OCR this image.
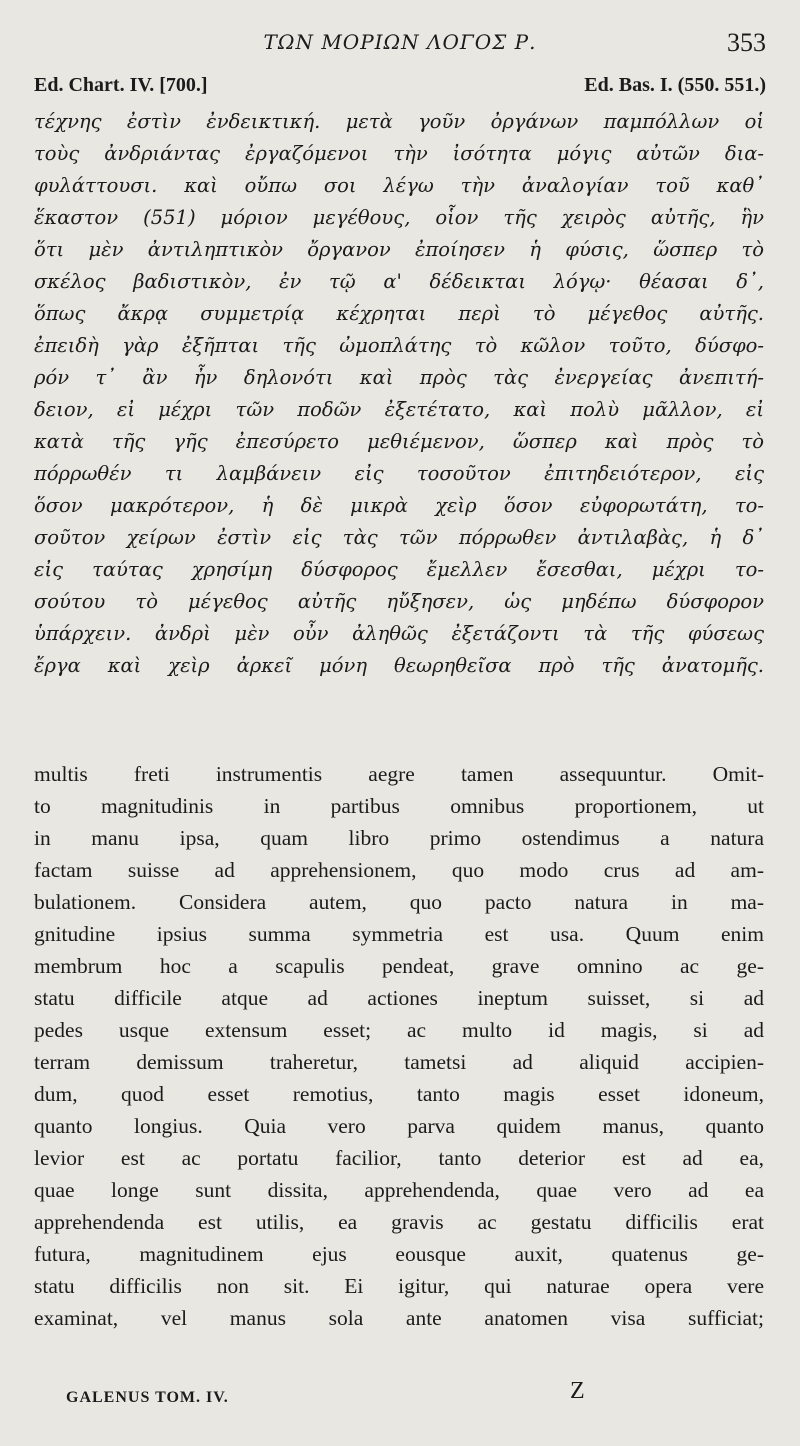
ΤΩΝ ΜΟΡΙΩΝ ΛΟΓΟΣ Ρ.	353
Ed. Chart. IV. [700.]	Ed. Bas. I. (550. 551.)
τέχνης ἐστὶν ἐνδεικτική. μετὰ γοῦν ὀργάνων παμπόλλων οἱ
τοὺς ἀνδριάντας ἐργαζόμενοι τὴν ἰσότητα μόγις αὐτῶν δια-
φυλάττουσι. καὶ οὔπω σοι λέγω τὴν ἀναλογίαν τοῦ καθ᾽
ἕκαστον (551) μόριον μεγέθους, οἷον τῆς χειρὸς αὐτῆς, ἣν
ὅτι μὲν ἀντιληπτικὸν ὄργανον ἐποίησεν ἡ φύσις, ὥσπερ τὸ
σκέλος βαδιστικὸν, ἐν τῷ α' δέδεικται λόγῳ· θέασαι δ᾽,
ὅπως ἄκρᾳ συμμετρίᾳ κέχρηται περὶ τὸ μέγεθος αὐτῆς.
ἐπειδὴ γὰρ ἐξῆπται τῆς ὠμοπλάτης τὸ κῶλον τοῦτο, δύσφο-
ρόν τ᾽ ἂν ἦν δηλονότι καὶ πρὸς τὰς ἐνεργείας ἀνεπιτή-
δειον, εἰ μέχρι τῶν ποδῶν ἐξετέτατο, καὶ πολὺ μᾶλλον, εἰ
κατὰ τῆς γῆς ἐπεσύρετο μεθιέμενον, ὥσπερ καὶ πρὸς τὸ
πόρρωθέν τι λαμβάνειν εἰς τοσοῦτον ἐπιτηδειότερον, εἰς
ὅσον μακρότερον, ἡ δὲ μικρὰ χεὶρ ὅσον εὐφορωτάτη, το-
σοῦτον χείρων ἐστὶν εἰς τὰς τῶν πόρρωθεν ἀντιλαβὰς, ἡ δ᾽
εἰς ταύτας χρησίμη δύσφορος ἔμελλεν ἔσεσθαι, μέχρι το-
σούτου τὸ μέγεθος αὐτῆς ηὔξησεν, ὡς μηδέπω δύσφορον
ὑπάρχειν. ἀνδρὶ μὲν οὖν ἀληθῶς ἐξετάζοντι τὰ τῆς φύσεως
ἔργα καὶ χεὶρ ἀρκεῖ μόνη θεωρηθεῖσα πρὸ τῆς ἀνατομῆς.
multis freti instrumentis aegre tamen assequuntur. Omit-
to magnitudinis in partibus omnibus proportionem, ut
in manu ipsa, quam libro primo ostendimus a natura
factam suisse ad apprehensionem, quo modo crus ad am-
bulationem. Considera autem, quo pacto natura in ma-
gnitudine ipsius summa symmetria est usa. Quum enim
membrum hoc a scapulis pendeat, grave omnino ac ge-
statu difficile atque ad actiones ineptum suisset, si ad
pedes usque extensum esset; ac multo id magis, si ad
terram demissum traheretur, tametsi ad aliquid accipien-
dum, quod esset remotius, tanto magis esset idoneum,
quanto longius. Quia vero parva quidem manus, quanto
levior est ac portatu facilior, tanto deterior est ad ea,
quae longe sunt dissita, apprehendenda, quae vero ad ea
apprehendenda est utilis, ea gravis ac gestatu difficilis erat
futura, magnitudinem ejus eousque auxit, quatenus ge-
statu difficilis non sit. Ei igitur, qui naturae opera vere
examinat, vel manus sola ante anatomen visa sufficiat;
GALENUS TOM. IV.	Z
